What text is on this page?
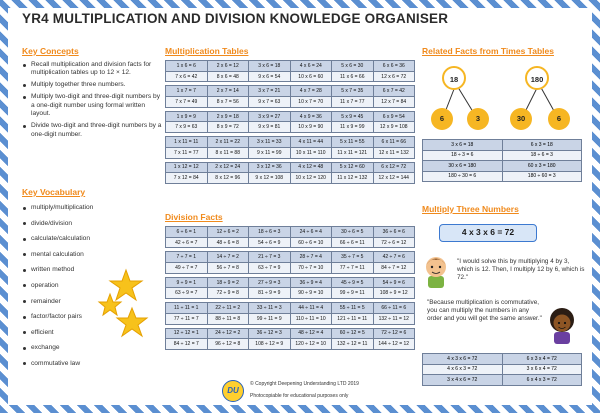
YR4 MULTIPLICATION AND DIVISION KNOWLEDGE ORGANISER
Key Concepts
Recall multiplication and division facts for multiplication tables up to 12 × 12.
Multiply together three numbers.
Multiply two-digit and three-digit numbers by a one-digit number using formal written layout.
Divide two-digit and three-digit numbers by a one-digit number.
Key Vocabulary
multiply/multiplication
divide/division
calculate/calculation
mental calculation
written method
operation
remainder
factor/factor pairs
efficient
exchange
commutative law
Multiplication Tables
1 x 6 = 6	2 x 6 = 12	3 x 6 = 18	4 x 6 = 24	5 x 6 = 30	6 x 6 = 36
7 x 6 = 42	8 x 6 = 48	9 x 6 = 54	10 x 6 = 60	11 x 6 = 66	12 x 6 = 72

1 x 7 = 7	2 x 7 = 14	3 x 7 = 21	4 x 7 = 28	5 x 7 = 35	6 x 7 = 42
7 x 7 = 49	8 x 7 = 56	9 x 7 = 63	10 x 7 = 70	11 x 7 = 77	12 x 7 = 84

1 x 9 = 9	2 x 9 = 18	3 x 9 = 27	4 x 9 = 36	5 x 9 = 45	6 x 9 = 54
7 x 9 = 63	8 x 9 = 72	9 x 9 = 81	10 x 9 = 90	11 x 9 = 99	12 x 9 = 108

1 x 11 = 11	2 x 11 = 22	3 x 11 = 33	4 x 11 = 44	5 x 11 = 55	6 x 11 = 66
7 x 11 = 77	8 x 11 = 88	9 x 11 = 99	10 x 11 = 110	11 x 11 = 121	12 x 11 = 132

1 x 12 = 12	2 x 12 = 24	3 x 12 = 36	4 x 12 = 48	5 x 12 = 60	6 x 12 = 72
7 x 12 = 84	8 x 12 = 96	9 x 12 = 108	10 x 12 = 120	11 x 12 = 132	12 x 12 = 144
Division Facts
6 ÷ 6 = 1	12 ÷ 6 = 2	18 ÷ 6 = 3	24 ÷ 6 = 4	30 ÷ 6 = 5	36 ÷ 6 = 6
42 ÷ 6 = 7	48 ÷ 6 = 8	54 ÷ 6 = 9	60 ÷ 6 = 10	66 ÷ 6 = 11	72 ÷ 6 = 12

7 ÷ 7 = 1	14 ÷ 7 = 2	21 ÷ 7 = 3	28 ÷ 7 = 4	35 ÷ 7 = 5	42 ÷ 7 = 6
49 ÷ 7 = 7	56 ÷ 7 = 8	63 ÷ 7 = 9	70 ÷ 7 = 10	77 ÷ 7 = 11	84 ÷ 7 = 12

9 ÷ 9 = 1	18 ÷ 9 = 2	27 ÷ 9 = 3	36 ÷ 9 = 4	45 ÷ 9 = 5	54 ÷ 9 = 6
63 ÷ 9 = 7	72 ÷ 9 = 8	81 ÷ 9 = 9	90 ÷ 9 = 10	99 ÷ 9 = 11	108 ÷ 9 = 12

11 ÷ 11 = 1	22 ÷ 11 = 2	33 ÷ 11 = 3	44 ÷ 11 = 4	55 ÷ 11 = 5	66 ÷ 11 = 6
77 ÷ 11 = 7	88 ÷ 11 = 8	99 ÷ 11 = 9	110 ÷ 11 = 10	121 ÷ 11 = 11	132 ÷ 11 = 12

12 ÷ 12 = 1	24 ÷ 12 = 2	36 ÷ 12 = 3	48 ÷ 12 = 4	60 ÷ 12 = 5	72 ÷ 12 = 6
84 ÷ 12 = 7	96 ÷ 12 = 8	108 ÷ 12 = 9	120 ÷ 12 = 10	132 ÷ 12 = 11	144 ÷ 12 = 12
Related Facts from Times Tables
18
6	3
180
30	6
3 x 6 = 18	6 x 3 = 18
18 ÷ 3 = 6	18 ÷ 6 = 3
30 x 6 = 180	60 x 3 = 180
180 ÷ 30 = 6	180 ÷ 60 = 3
Multiply Three Numbers
4 x 3 x 6 = 72
"I would solve this by multiplying 4 by 3, which is 12. Then, I multiply 12 by 6, which is 72."
"Because multiplication is commutative, you can multiply the numbers in any order and you will get the same answer."
4 x 3 x 6 = 72	6 x 3 x 4 = 72
4 x 6 x 3 = 72	3 x 6 x 4 = 72
3 x 4 x 6 = 72	6 x 4 x 3 = 72
DU
© Copyright Deepening Understanding LTD 2019
Photocopiable for educational purposes only
